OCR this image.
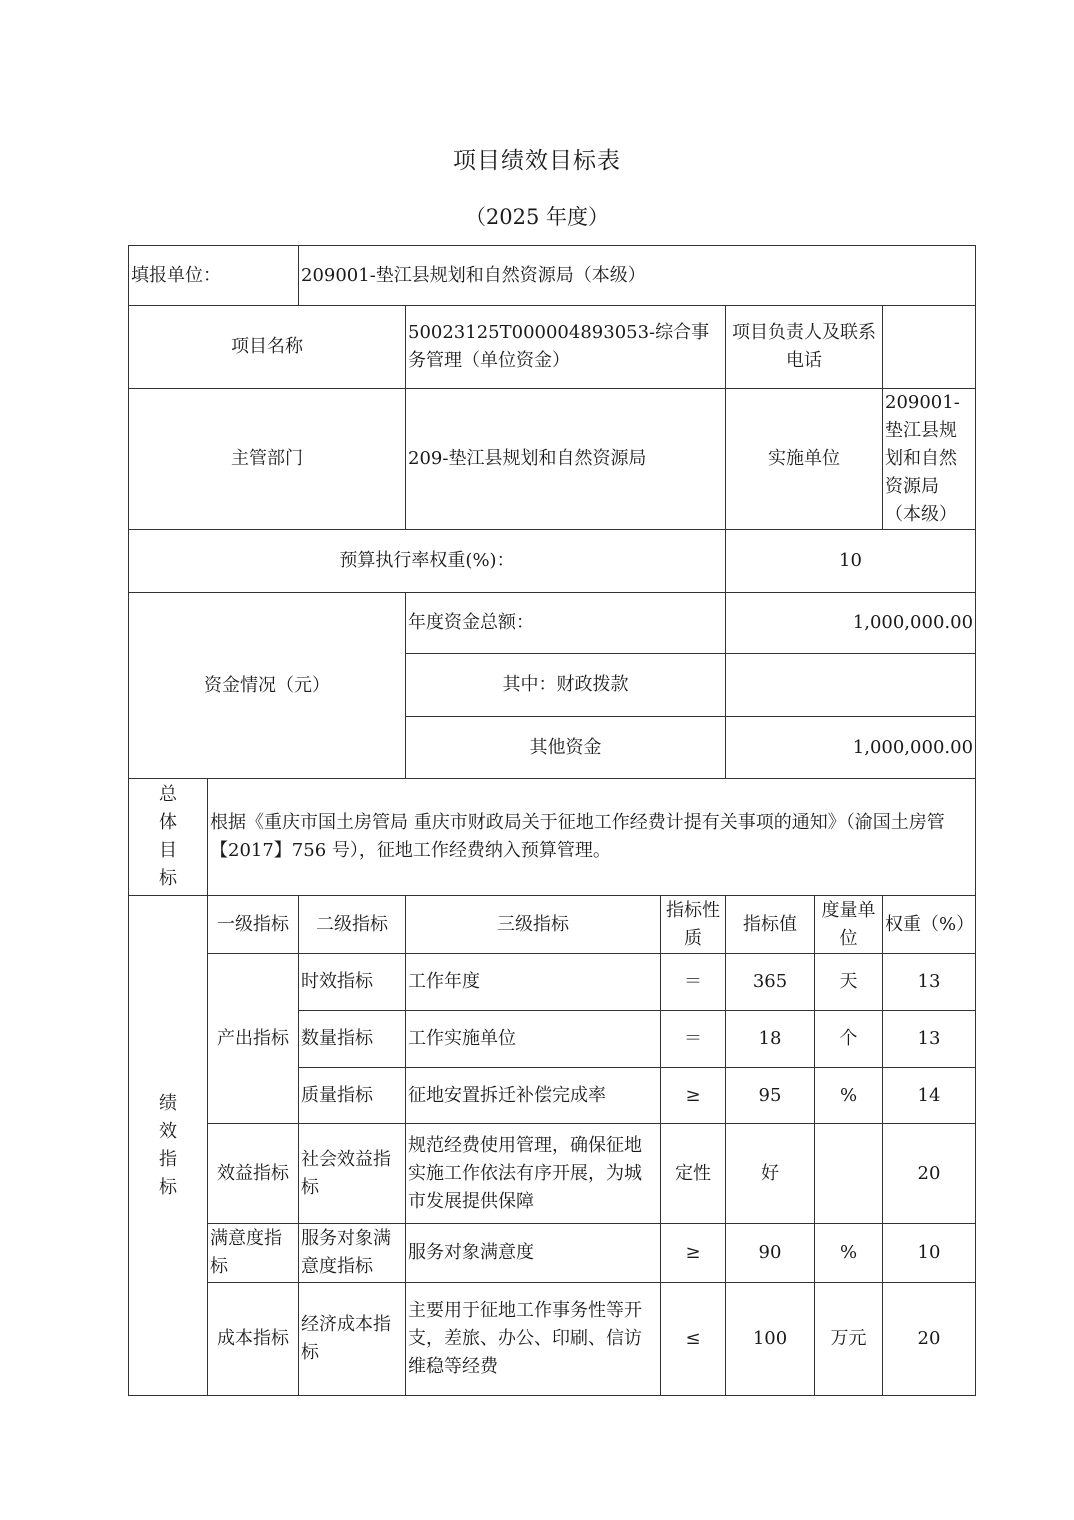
项目绩效目标表
（2025 年度）
填报单位：		209001-垫江县规划和自然资源局（本级）					
项目名称			50023125T000004893053-综合事务管理（单位资金）		项目负责人及联系电话		
主管部门			209-垫江县规划和自然资源局		实施单位		209001-垫江县规划和自然资源局（本级）
预算执行率权重(%)：					10		
资金情况（元）			年度资金总额：		1,000,000.00		
			其中：财政拨款				
			其他资金		1,000,000.00		
总体目标	根据《重庆市国土房管局 重庆市财政局关于征地工作经费计提有关事项的通知》（渝国土房管【2017】756 号），征地工作经费纳入预算管理。						
绩效指标	一级指标	二级指标	三级指标	指标性质	指标值	度量单位	权重（%）
	产出指标	时效指标	工作年度	＝	365	天	13
		数量指标	工作实施单位	＝	18	个	13
		质量指标	征地安置拆迁补偿完成率	≥	95	%	14
	效益指标	社会效益指标	规范经费使用管理，确保征地实施工作依法有序开展，为城市发展提供保障	定性	好		20
	满意度指标	服务对象满意度指标	服务对象满意度	≥	90	%	10
	成本指标	经济成本指标	主要用于征地工作事务性等开支，差旅、办公、印刷、信访维稳等经费	≤	100	万元	20
